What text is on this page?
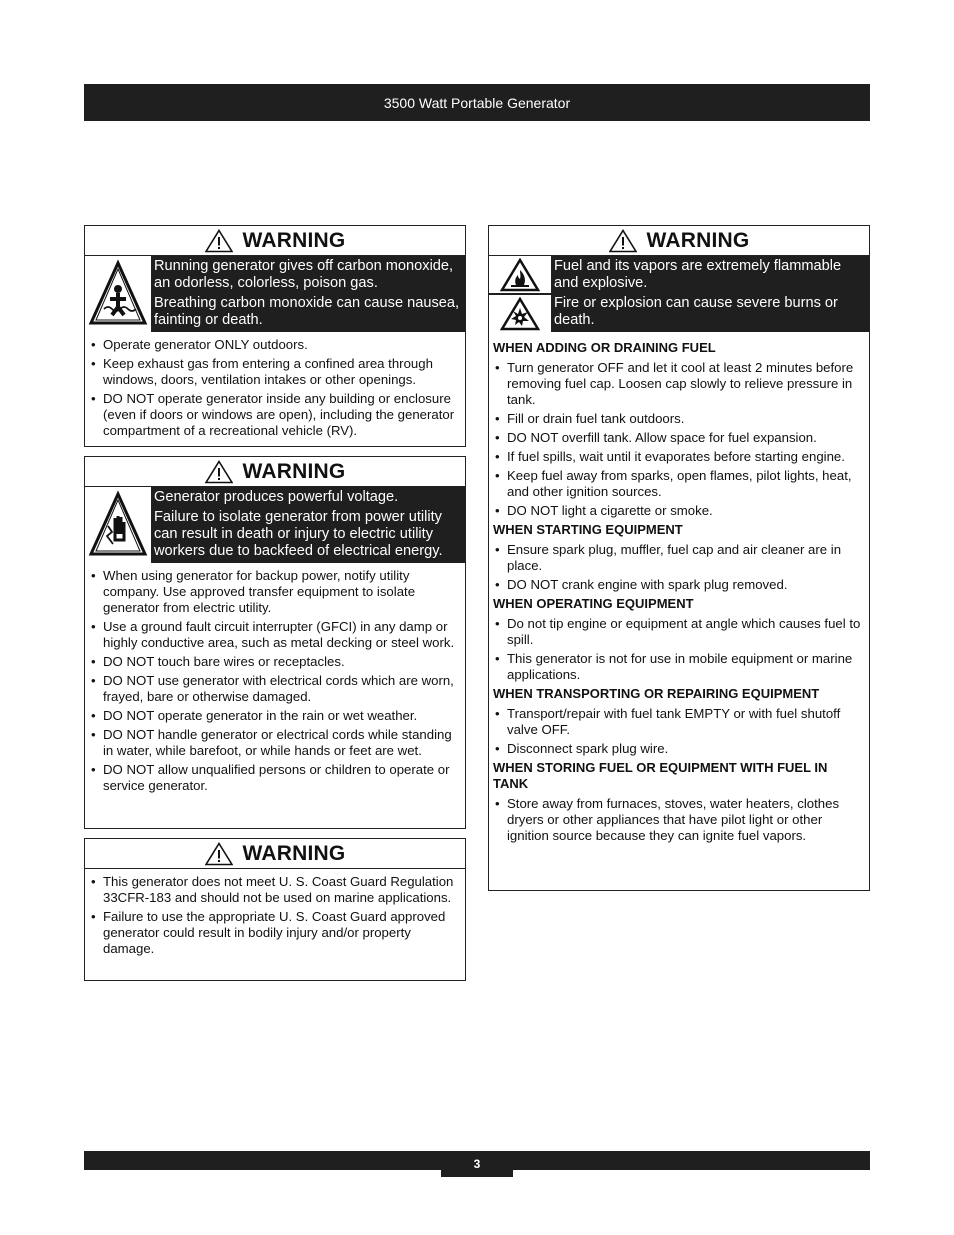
3500 Watt Portable Generator
WARNING

Running generator gives off carbon monoxide, an odorless, colorless, poison gas.

Breathing carbon monoxide can cause nausea, fainting or death.

• Operate generator ONLY outdoors.
• Keep exhaust gas from entering a confined area through windows, doors, ventilation intakes or other openings.
• DO NOT operate generator inside any building or enclosure (even if doors or windows are open), including the generator compartment of a recreational vehicle (RV).
WARNING

Generator produces powerful voltage.

Failure to isolate generator from power utility can result in death or injury to electric utility workers due to backfeed of electrical energy.

• When using generator for backup power, notify utility company. Use approved transfer equipment to isolate generator from electric utility.
• Use a ground fault circuit interrupter (GFCI) in any damp or highly conductive area, such as metal decking or steel work.
• DO NOT touch bare wires or receptacles.
• DO NOT use generator with electrical cords which are worn, frayed, bare or otherwise damaged.
• DO NOT operate generator in the rain or wet weather.
• DO NOT handle generator or electrical cords while standing in water, while barefoot, or while hands or feet are wet.
• DO NOT allow unqualified persons or children to operate or service generator.
WARNING
• This generator does not meet U. S. Coast Guard Regulation 33CFR-183 and should not be used on marine applications.
• Failure to use the appropriate U. S. Coast Guard approved generator could result in bodily injury and/or property damage.
WARNING

Fuel and its vapors are extremely flammable and explosive.

Fire or explosion can cause severe burns or death.

WHEN ADDING OR DRAINING FUEL
• Turn generator OFF and let it cool at least 2 minutes before removing fuel cap. Loosen cap slowly to relieve pressure in tank.
• Fill or drain fuel tank outdoors.
• DO NOT overfill tank. Allow space for fuel expansion.
• If fuel spills, wait until it evaporates before starting engine.
• Keep fuel away from sparks, open flames, pilot lights, heat, and other ignition sources.
• DO NOT light a cigarette or smoke.
WHEN STARTING EQUIPMENT
• Ensure spark plug, muffler, fuel cap and air cleaner are in place.
• DO NOT crank engine with spark plug removed.
WHEN OPERATING EQUIPMENT
• Do not tip engine or equipment at angle which causes fuel to spill.
• This generator is not for use in mobile equipment or marine applications.
WHEN TRANSPORTING OR REPAIRING EQUIPMENT
• Transport/repair with fuel tank EMPTY or with fuel shutoff valve OFF.
• Disconnect spark plug wire.
WHEN STORING FUEL OR EQUIPMENT WITH FUEL IN TANK
• Store away from furnaces, stoves, water heaters, clothes dryers or other appliances that have pilot light or other ignition source because they can ignite fuel vapors.
3
